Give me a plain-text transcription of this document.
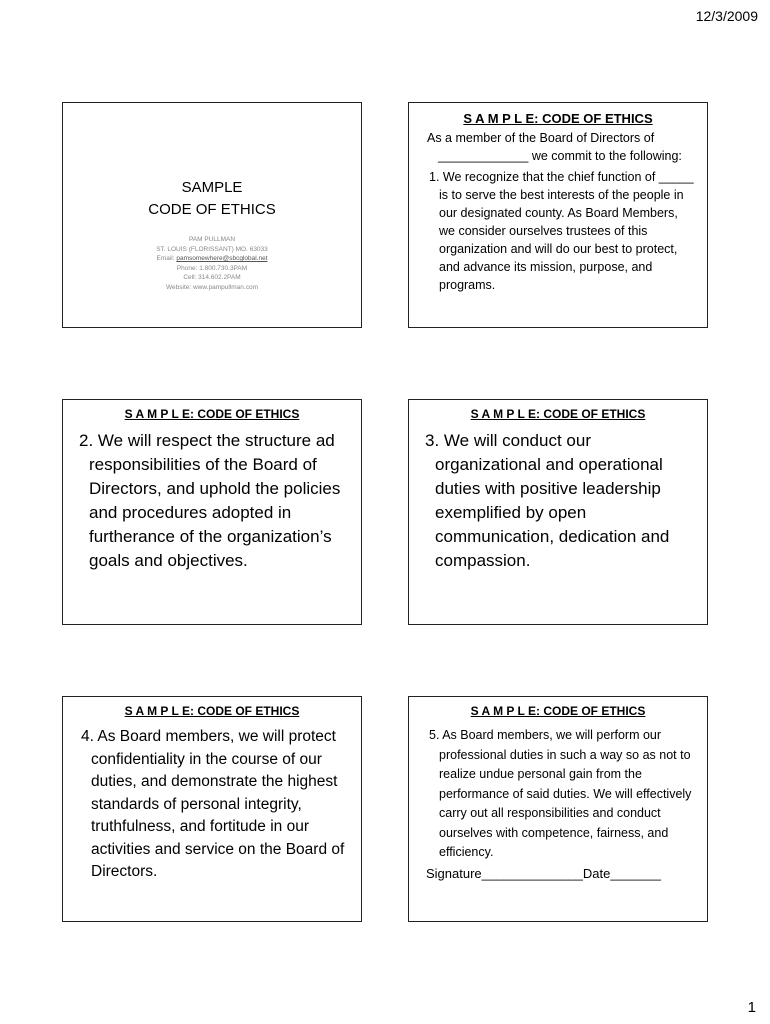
12/3/2009
SAMPLE
CODE OF ETHICS
PAM PULLMAN
ST. LOUIS (FLORISSANT) MO. 63033
Email: pamsomewhere@sbcglobal.net
Phone: 1.800.730.3PAM
Cell: 314.602.2PAM
Website: www.pampullman.com
S A M P L E: CODE OF ETHICS
As a member of the Board of Directors of _____________ we commit to the following:
1. We recognize that the chief function of _____ is to serve the best interests of the people in our designated county. As Board Members, we consider ourselves trustees of this organization and will do our best to protect, and advance its mission, purpose, and programs.
S A M P L E: CODE OF ETHICS
2. We will respect the structure ad responsibilities of the Board of Directors, and uphold the policies and procedures adopted in furtherance of the organization’s goals and objectives.
S A M P L E: CODE OF ETHICS
3. We will conduct our organizational and operational duties with positive leadership exemplified by open communication, dedication and compassion.
S A M P L E: CODE OF ETHICS
4. As Board members, we will protect confidentiality in the course of our duties, and demonstrate the highest standards of personal integrity, truthfulness, and fortitude in our activities and service on the Board of Directors.
S A M P L E: CODE OF ETHICS
5. As Board members, we will perform our professional duties in such a way so as not to realize undue personal gain from the performance of said duties. We will effectively carry out all responsibilities and conduct ourselves with competence, fairness, and efficiency.
Signature______________Date_______
1
